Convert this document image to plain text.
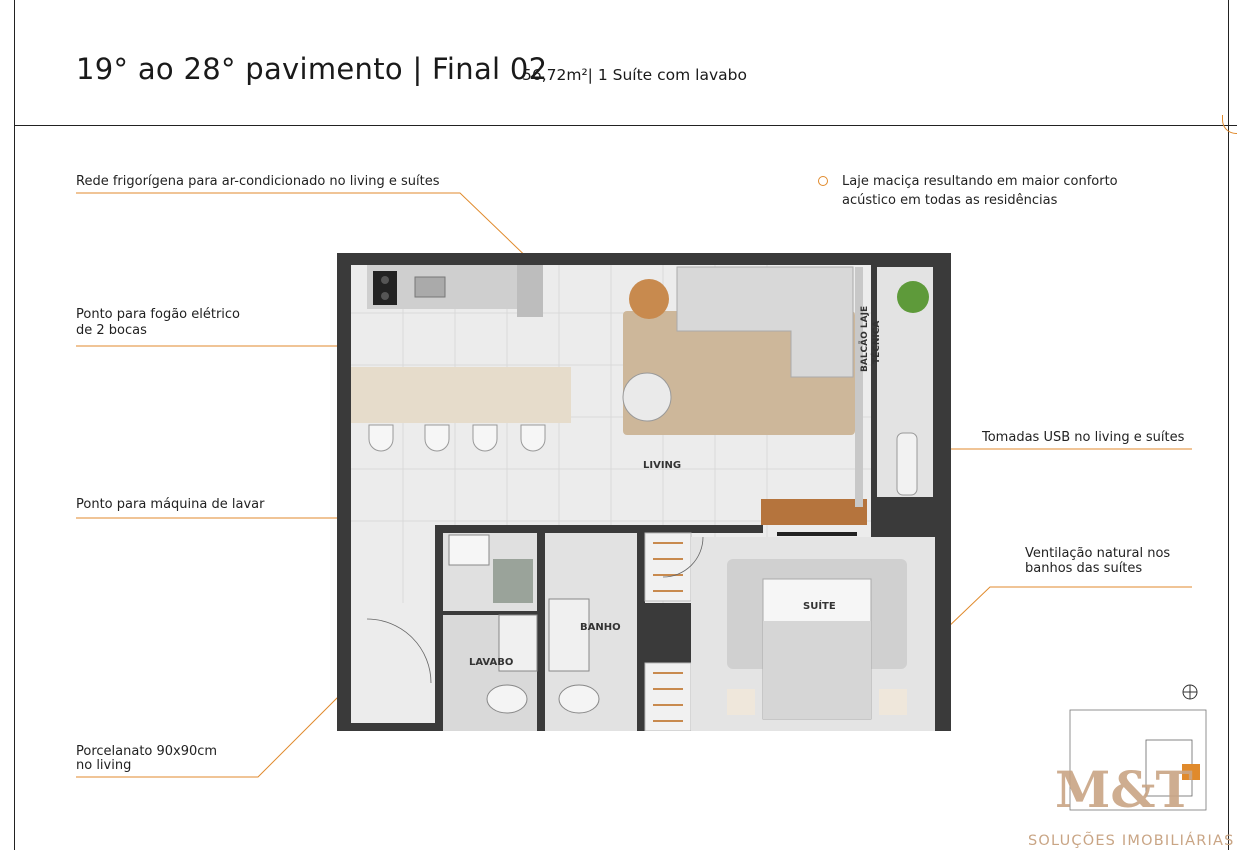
19° ao 28° pavimento | Final 02
56,72m²| 1 Suíte com lavabo
Rede frigorígena para ar-condicionado no living e suítes
Ponto para fogão elétrico
de 2 bocas
Ponto para máquina de lavar
Porcelanato 90x90cm
no living
Laje maciça resultando em maior conforto
acústico em todas as residências
Tomadas USB no living e suítes
Ventilação natural nos
banhos das suítes
LIVING
SUÍTE
BANHO
LAVABO
BALCÃO LAJE TÉCNICA
M&T
SOLUÇÕES IMOBILIÁRIAS
